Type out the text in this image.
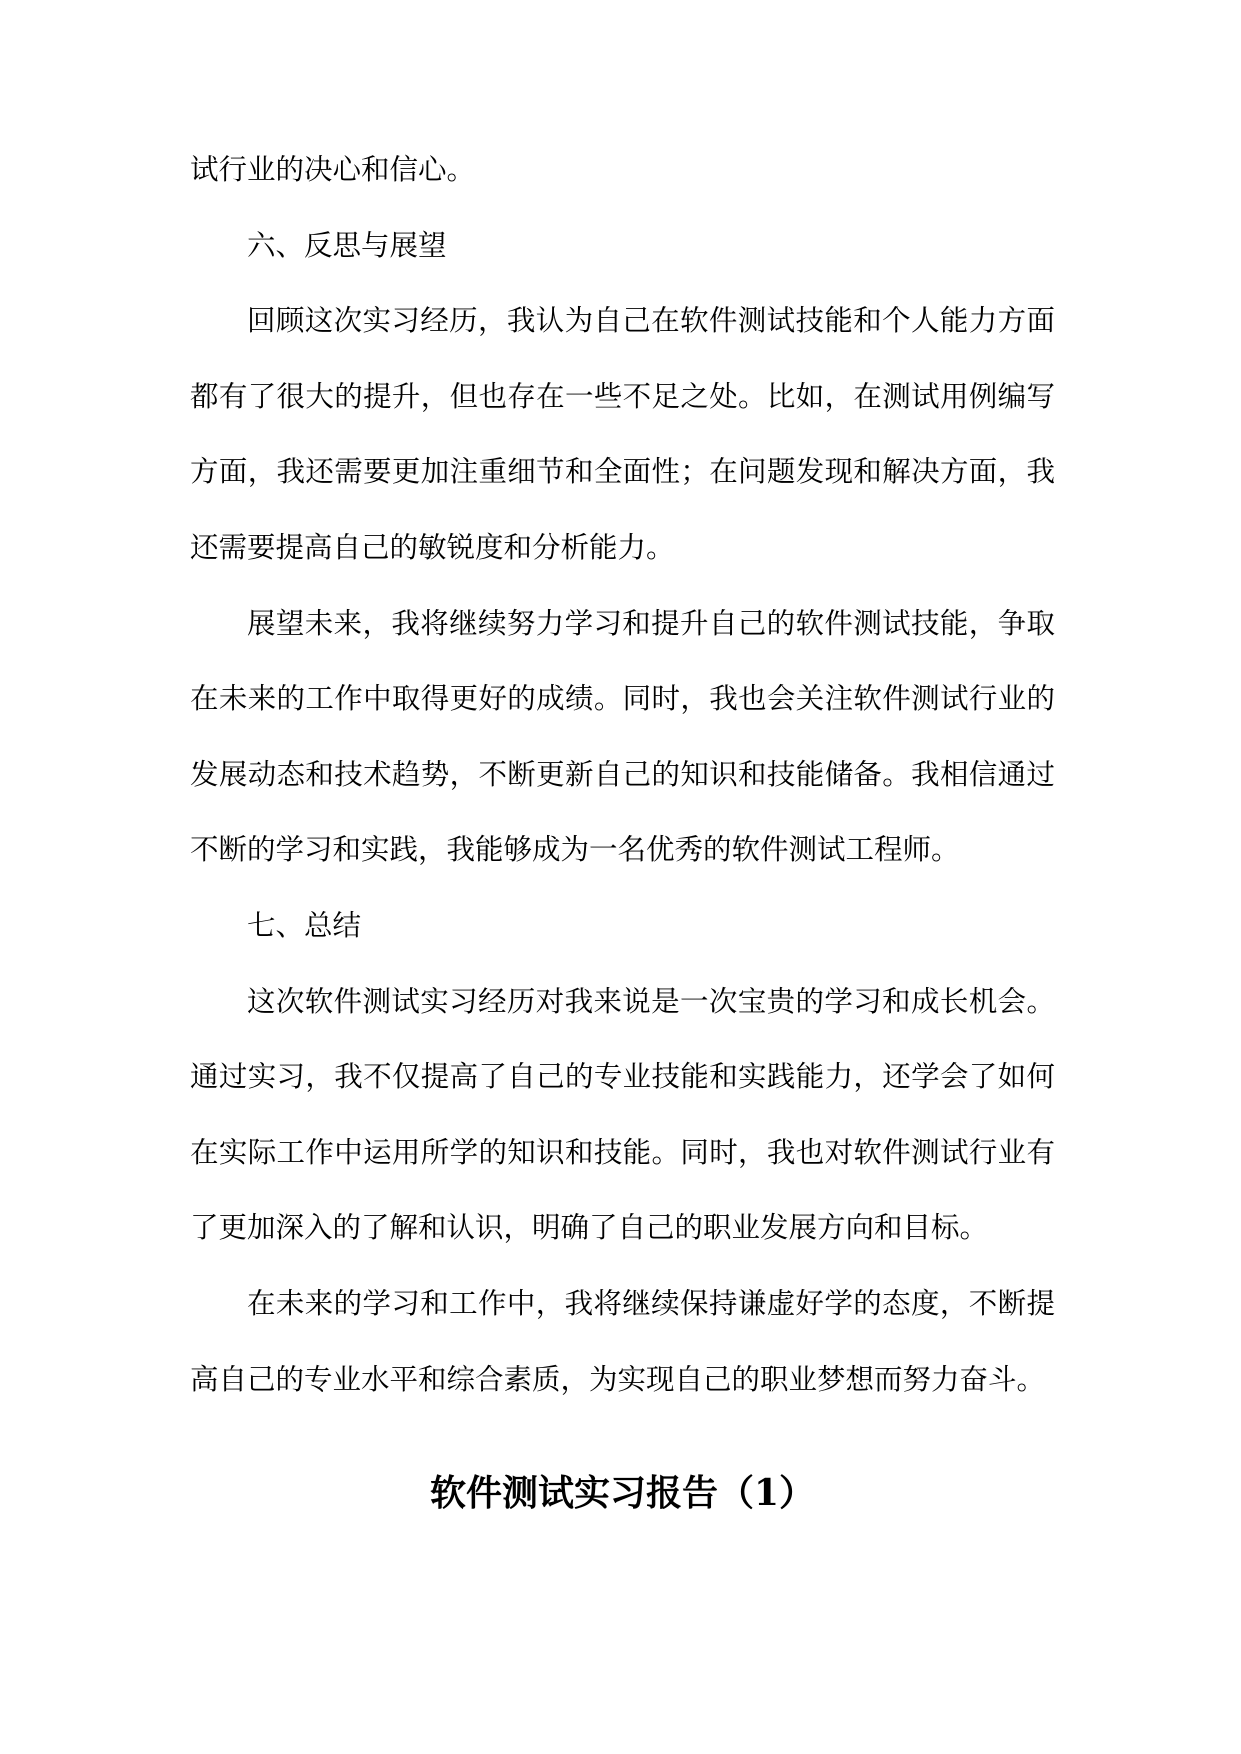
试行业的决心和信心。
六、反思与展望
回顾这次实习经历，我认为自己在软件测试技能和个人能力方面
都有了很大的提升，但也存在一些不足之处。比如，在测试用例编写
方面，我还需要更加注重细节和全面性；在问题发现和解决方面，我
还需要提高自己的敏锐度和分析能力。
展望未来，我将继续努力学习和提升自己的软件测试技能，争取
在未来的工作中取得更好的成绩。同时，我也会关注软件测试行业的
发展动态和技术趋势，不断更新自己的知识和技能储备。我相信通过
不断的学习和实践，我能够成为一名优秀的软件测试工程师。
七、总结
这次软件测试实习经历对我来说是一次宝贵的学习和成长机会。
通过实习，我不仅提高了自己的专业技能和实践能力，还学会了如何
在实际工作中运用所学的知识和技能。同时，我也对软件测试行业有
了更加深入的了解和认识，明确了自己的职业发展方向和目标。
在未来的学习和工作中，我将继续保持谦虚好学的态度，不断提
高自己的专业水平和综合素质，为实现自己的职业梦想而努力奋斗。
软件测试实习报告（1）
